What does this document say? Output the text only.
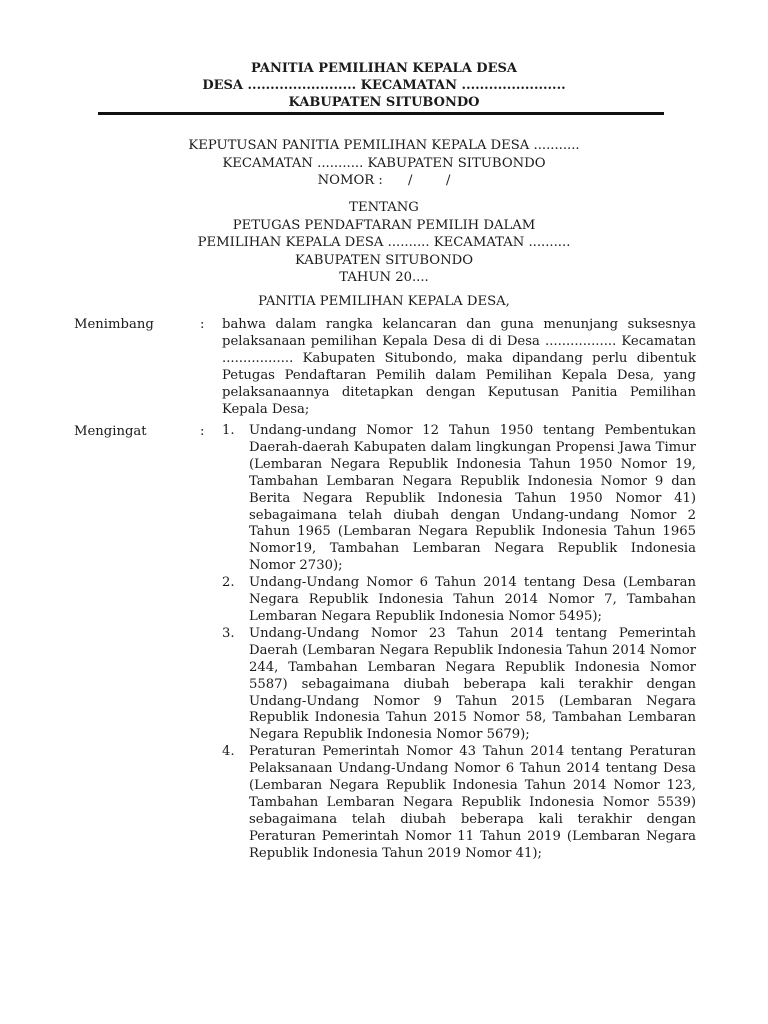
PANITIA PEMILIHAN KEPALA DESA
DESA ........................ KECAMATAN .......................
KABUPATEN SITUBONDO
KEPUTUSAN PANITIA PEMILIHAN KEPALA DESA ...........
KECAMATAN ........... KABUPATEN SITUBONDO
NOMOR :      /        /
TENTANG
PETUGAS PENDAFTARAN PEMILIH DALAM
PEMILIHAN KEPALA DESA .......... KECAMATAN ..........
KABUPATEN SITUBONDO
TAHUN 20....
PANITIA PEMILIHAN KEPALA DESA,
Menimbang	: bahwa dalam rangka kelancaran dan guna menunjang suksesnya pelaksanaan pemilihan Kepala Desa di di Desa ................. Kecamatan ................. Kabupaten Situbondo, maka dipandang perlu dibentuk Petugas Pendaftaran Pemilih dalam Pemilihan Kepala Desa, yang pelaksanaannya ditetapkan dengan Keputusan Panitia Pemilihan Kepala Desa;
Mengingat	: 1. Undang-undang Nomor 12 Tahun 1950 tentang Pembentukan Daerah-daerah Kabupaten dalam lingkungan Propensi Jawa Timur (Lembaran Negara Republik Indonesia Tahun 1950 Nomor 19, Tambahan Lembaran Negara Republik Indonesia Nomor 9 dan Berita Negara Republik Indonesia Tahun 1950 Nomor 41) sebagaimana telah diubah dengan Undang-undang Nomor 2 Tahun 1965 (Lembaran Negara Republik Indonesia Tahun 1965 Nomor19, Tambahan Lembaran Negara Republik Indonesia Nomor 2730);
2. Undang-Undang Nomor 6 Tahun 2014 tentang Desa (Lembaran Negara Republik Indonesia Tahun 2014 Nomor 7, Tambahan Lembaran Negara Republik Indonesia Nomor 5495);
3. Undang-Undang Nomor 23 Tahun 2014 tentang Pemerintah Daerah (Lembaran Negara Republik Indonesia Tahun 2014 Nomor 244, Tambahan Lembaran Negara Republik Indonesia Nomor 5587) sebagaimana diubah beberapa kali terakhir dengan Undang-Undang Nomor 9 Tahun 2015 (Lembaran Negara Republik Indonesia Tahun 2015 Nomor 58, Tambahan Lembaran Negara Republik Indonesia Nomor 5679);
4. Peraturan Pemerintah Nomor 43 Tahun 2014 tentang Peraturan Pelaksanaan Undang-Undang Nomor 6 Tahun 2014 tentang Desa (Lembaran Negara Republik Indonesia Tahun 2014 Nomor 123, Tambahan Lembaran Negara Republik Indonesia Nomor 5539) sebagaimana telah diubah beberapa kali terakhir dengan Peraturan Pemerintah Nomor 11 Tahun 2019 (Lembaran Negara Republik Indonesia Tahun 2019 Nomor 41);
